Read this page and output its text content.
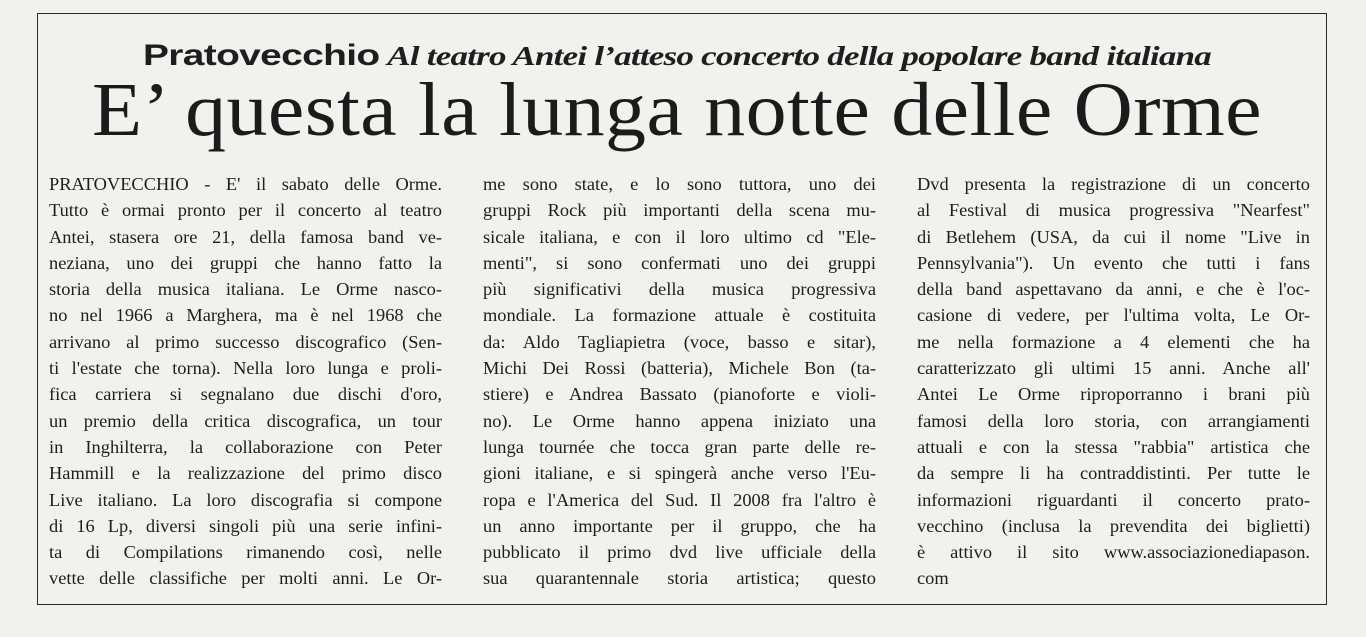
Pratovecchio Al teatro Antei l’atteso concerto della popolare band italiana
E’ questa la lunga notte delle Orme
PRATOVECCHIO - E' il sabato delle Orme.
Tutto è ormai pronto per il concerto al teatro
Antei, stasera ore 21, della famosa band ve-
neziana, uno dei gruppi che hanno fatto la
storia della musica italiana. Le Orme nasco-
no nel 1966 a Marghera, ma è nel 1968 che
arrivano al primo successo discografico (Sen-
ti l'estate che torna). Nella loro lunga e proli-
fica carriera si segnalano due dischi d'oro,
un premio della critica discografica, un tour
in Inghilterra, la collaborazione con Peter
Hammill e la realizzazione del primo disco
Live italiano. La loro discografia si compone
di 16 Lp, diversi singoli più una serie infini-
ta di Compilations rimanendo così, nelle
vette delle classifiche per molti anni. Le Or-
me sono state, e lo sono tuttora, uno dei
gruppi Rock più importanti della scena mu-
sicale italiana, e con il loro ultimo cd "Ele-
menti", si sono confermati uno dei gruppi
più significativi della musica progressiva
mondiale. La formazione attuale è costituita
da: Aldo Tagliapietra (voce, basso e sitar),
Michi Dei Rossi (batteria), Michele Bon (ta-
stiere) e Andrea Bassato (pianoforte e violi-
no). Le Orme hanno appena iniziato una
lunga tournée che tocca gran parte delle re-
gioni italiane, e si spingerà anche verso l'Eu-
ropa e l'America del Sud. Il 2008 fra l'altro è
un anno importante per il gruppo, che ha
pubblicato il primo dvd live ufficiale della
sua quarantennale storia artistica; questo
Dvd presenta la registrazione di un concerto
al Festival di musica progressiva "Nearfest"
di Betlehem (USA, da cui il nome "Live in
Pennsylvania"). Un evento che tutti i fans
della band aspettavano da anni, e che è l'oc-
casione di vedere, per l'ultima volta, Le Or-
me nella formazione a 4 elementi che ha
caratterizzato gli ultimi 15 anni. Anche all'
Antei Le Orme riproporranno i brani più
famosi della loro storia, con arrangiamenti
attuali e con la stessa "rabbia" artistica che
da sempre li ha contraddistinti. Per tutte le
informazioni riguardanti il concerto prato-
vecchino (inclusa la prevendita dei biglietti)
è attivo il sito www.associazionediapason.
com
